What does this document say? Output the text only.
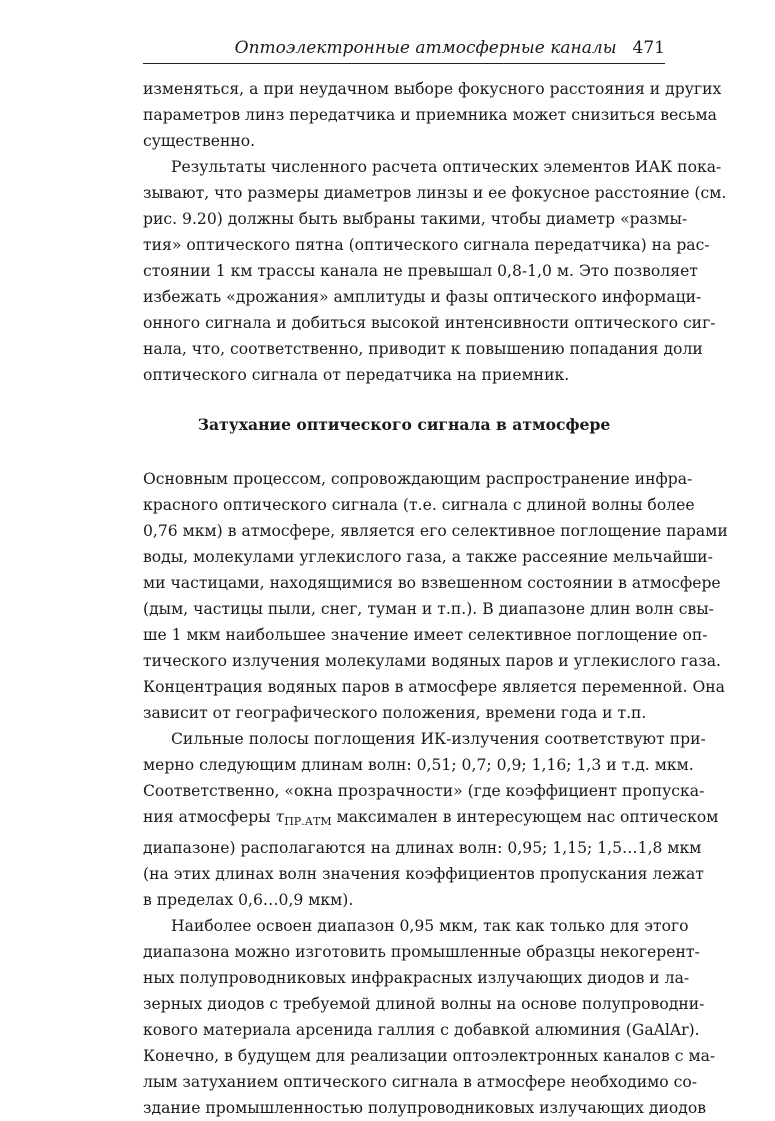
Оптоэлектронные атмосферные каналы 471

изменяться, а при неудачном выборе фокусного расстояния и других
параметров линз передатчика и приемника может снизиться весьма
существенно.

Результаты численного расчета оптических элементов ИАК пока-
зывают, что размеры диаметров линзы и ее фокусное расстояние (см.
рис. 9.20) должны быть выбраны такими, чтобы диаметр «размы-
тия» оптического пятна (оптического сигнала передатчика) на рас-
стоянии 1 км трассы канала не превышал 0,8-1,0 м. Это позволяет
избежать «дрожания» амплитуды и фазы оптического информаци-
онного сигнала и добиться высокой интенсивности оптического сиг-
нала, что, соответственно, приводит к повышению попадания доли
оптического сигнала от передатчика на приемник.

Затухание оптического сигнала в атмосфере

Основным процессом, сопровождающим распространение инфра-
красного оптического сигнала (т.е. сигнала с длиной волны более
0,76 мкм) в атмосфере, является его селективное поглощение парами
воды, молекулами углекислого газа, а также рассеяние мельчайши-
ми частицами, находящимися во взвешенном состоянии в атмосфере
(дым, частицы пыли, снег, туман и т.п.). В диапазоне длин волн свы-
ше 1 мкм наибольшее значение имеет селективное поглощение оп-
тического излучения молекулами водяных паров и углекислого газа.
Концентрация водяных паров в атмосфере является переменной. Она
зависит от географического положения, времени года и т.п.

Сильные полосы поглощения ИК-излучения соответствуют при-
мерно следующим длинам волн: 0,51; 0,7; 0,9; 1,16; 1,3 и т.д. мкм.
Соответственно, «окна прозрачности» (где коэффициент пропуска-
ния атмосферы $\tau_{ПР.АТМ}$ максимален в интересующем нас оптическом
диапазоне) располагаются на длинах волн: 0,95; 1,15; 1,5…1,8 мкм
(на этих длинах волн значения коэффициентов пропускания лежат
в пределах 0,6…0,9 мкм).

Наиболее освоен диапазон 0,95 мкм, так как только для этого
диапазона можно изготовить промышленные образцы некогерент-
ных полупроводниковых инфракрасных излучающих диодов и ла-
зерных диодов с требуемой длиной волны на основе полупроводни-
кового материала арсенида галлия с добавкой алюминия (GaAlAr).
Конечно, в будущем для реализации оптоэлектронных каналов с ма-
лым затуханием оптического сигнала в атмосфере необходимо со-
здание промышленностью полупроводниковых излучающих диодов
